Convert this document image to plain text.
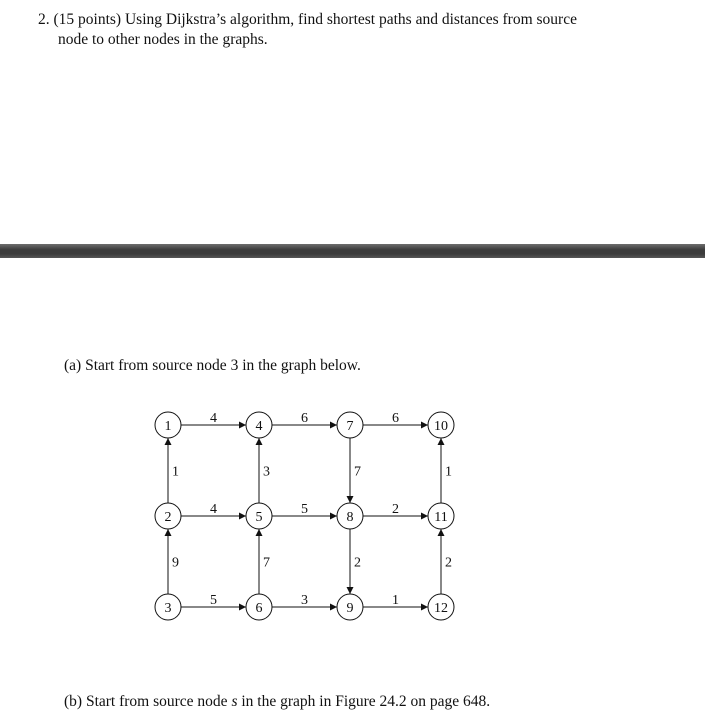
2. (15 points) Using Dijkstra’s algorithm, find shortest paths and distances from source
node to other nodes in the graphs.
(a) Start from source node 3 in the graph below.
4	6	6
4	5	2
5	3	1
1
9
3
7
7
2
1
2
1
2
3
4
5
6
7
8
9
10
11
12
(b) Start from source node s in the graph in Figure 24.2 on page 648.
